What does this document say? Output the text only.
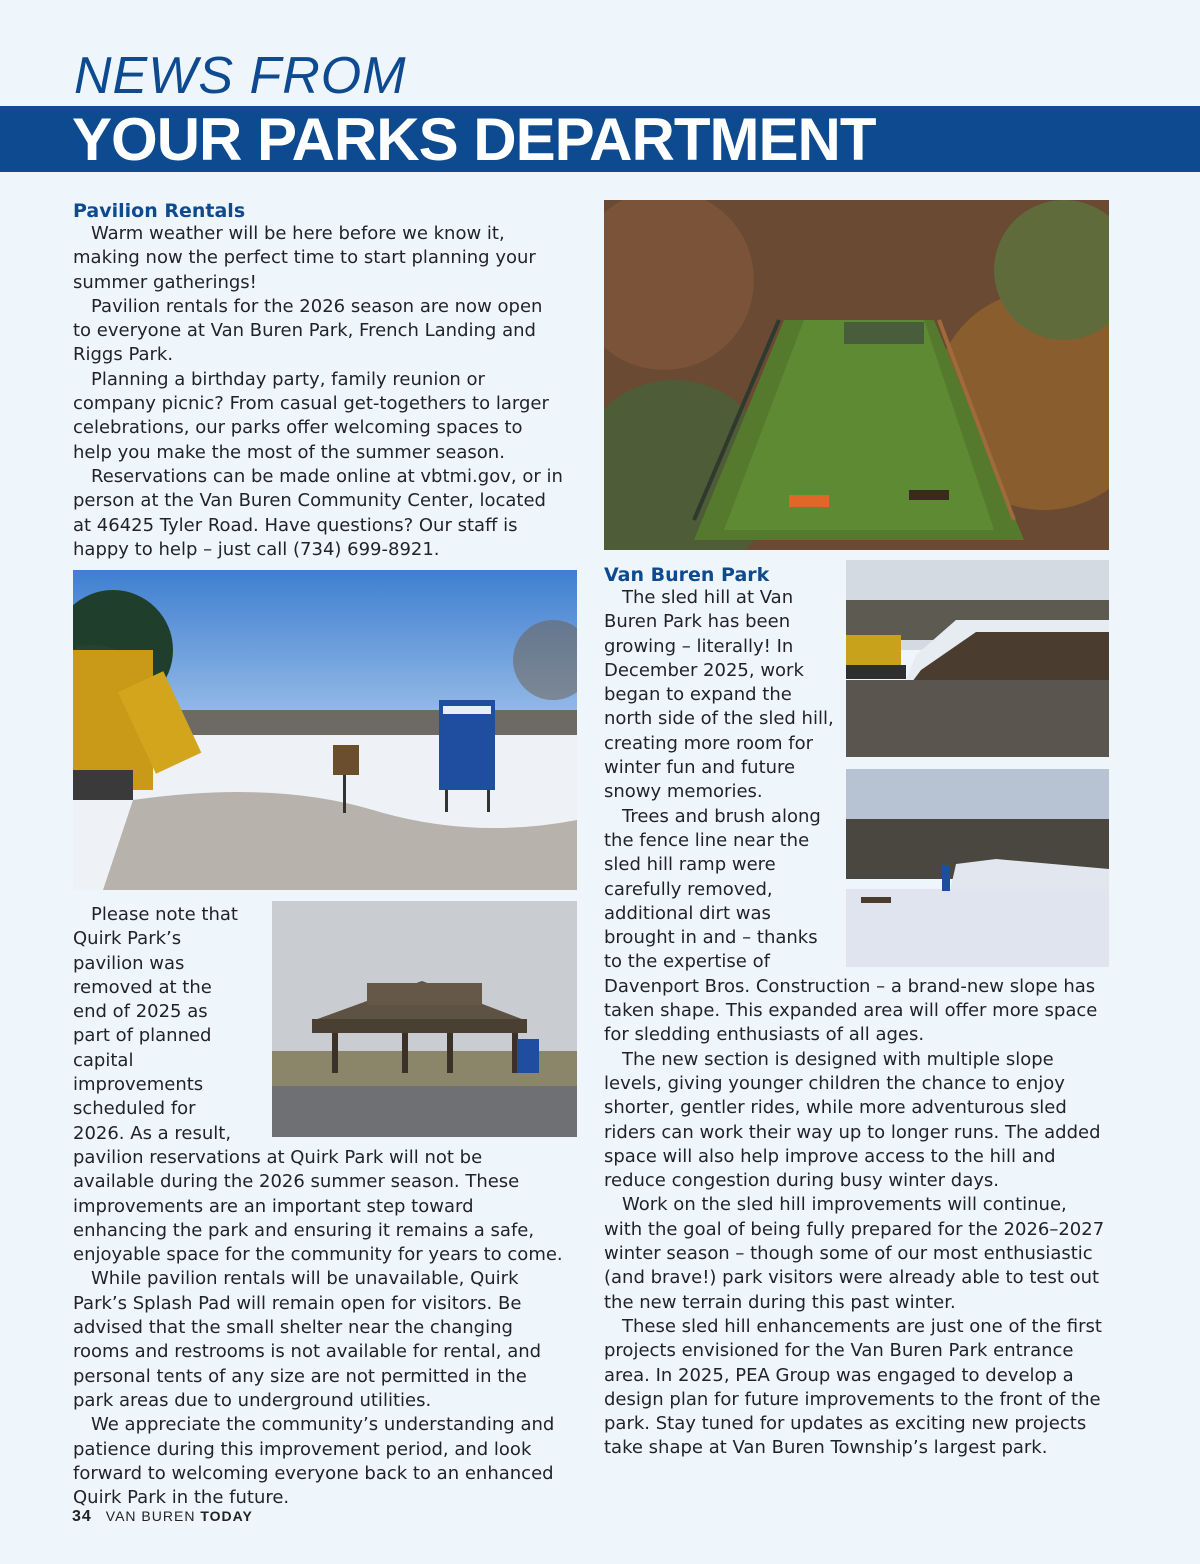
NEWS FROM
YOUR PARKS DEPARTMENT
Pavilion Rentals

Warm weather will be here before we know it, making now the perfect time to start planning your summer gatherings!

Pavilion rentals for the 2026 season are now open to everyone at Van Buren Park, French Landing and Riggs Park.

Planning a birthday party, family reunion or company picnic? From casual get-togethers to larger celebrations, our parks offer welcoming spaces to help you make the most of the summer season.

Reservations can be made online at vbtmi.gov, or in person at the Van Buren Community Center, located at 46425 Tyler Road. Have questions? Our staff is happy to help – just call (734) 699-8921.

Please note that Quirk Park’s pavilion was removed at the end of 2025 as part of planned capital improvements scheduled for 2026. As a result, pavilion reservations at Quirk Park will not be available during the 2026 summer season. These improvements are an important step toward enhancing the park and ensuring it remains a safe, enjoyable space for the community for years to come.

While pavilion rentals will be unavailable, Quirk Park’s Splash Pad will remain open for visitors. Be advised that the small shelter near the changing rooms and restrooms is not available for rental, and personal tents of any size are not permitted in the park areas due to underground utilities.

We appreciate the community’s understanding and patience during this improvement period, and look forward to welcoming everyone back to an enhanced Quirk Park in the future.

Van Buren Park

The sled hill at Van Buren Park has been growing – literally! In December 2025, work began to expand the north side of the sled hill, creating more room for winter fun and future snowy memories.

Trees and brush along the fence line near the sled hill ramp were carefully removed, additional dirt was brought in and – thanks to the expertise of Davenport Bros. Construction – a brand-new slope has taken shape. This expanded area will offer more space for sledding enthusiasts of all ages.

The new section is designed with multiple slope levels, giving younger children the chance to enjoy shorter, gentler rides, while more adventurous sled riders can work their way up to longer runs. The added space will also help improve access to the hill and reduce congestion during busy winter days.

Work on the sled hill improvements will continue, with the goal of being fully prepared for the 2026–2027 winter season – though some of our most enthusiastic (and brave!) park visitors were already able to test out the new terrain during this past winter.

These sled hill enhancements are just one of the first projects envisioned for the Van Buren Park entrance area. In 2025, PEA Group was engaged to develop a design plan for future improvements to the front of the park. Stay tuned for updates as exciting new projects take shape at Van Buren Township’s largest park.

34 VAN BUREN TODAY
